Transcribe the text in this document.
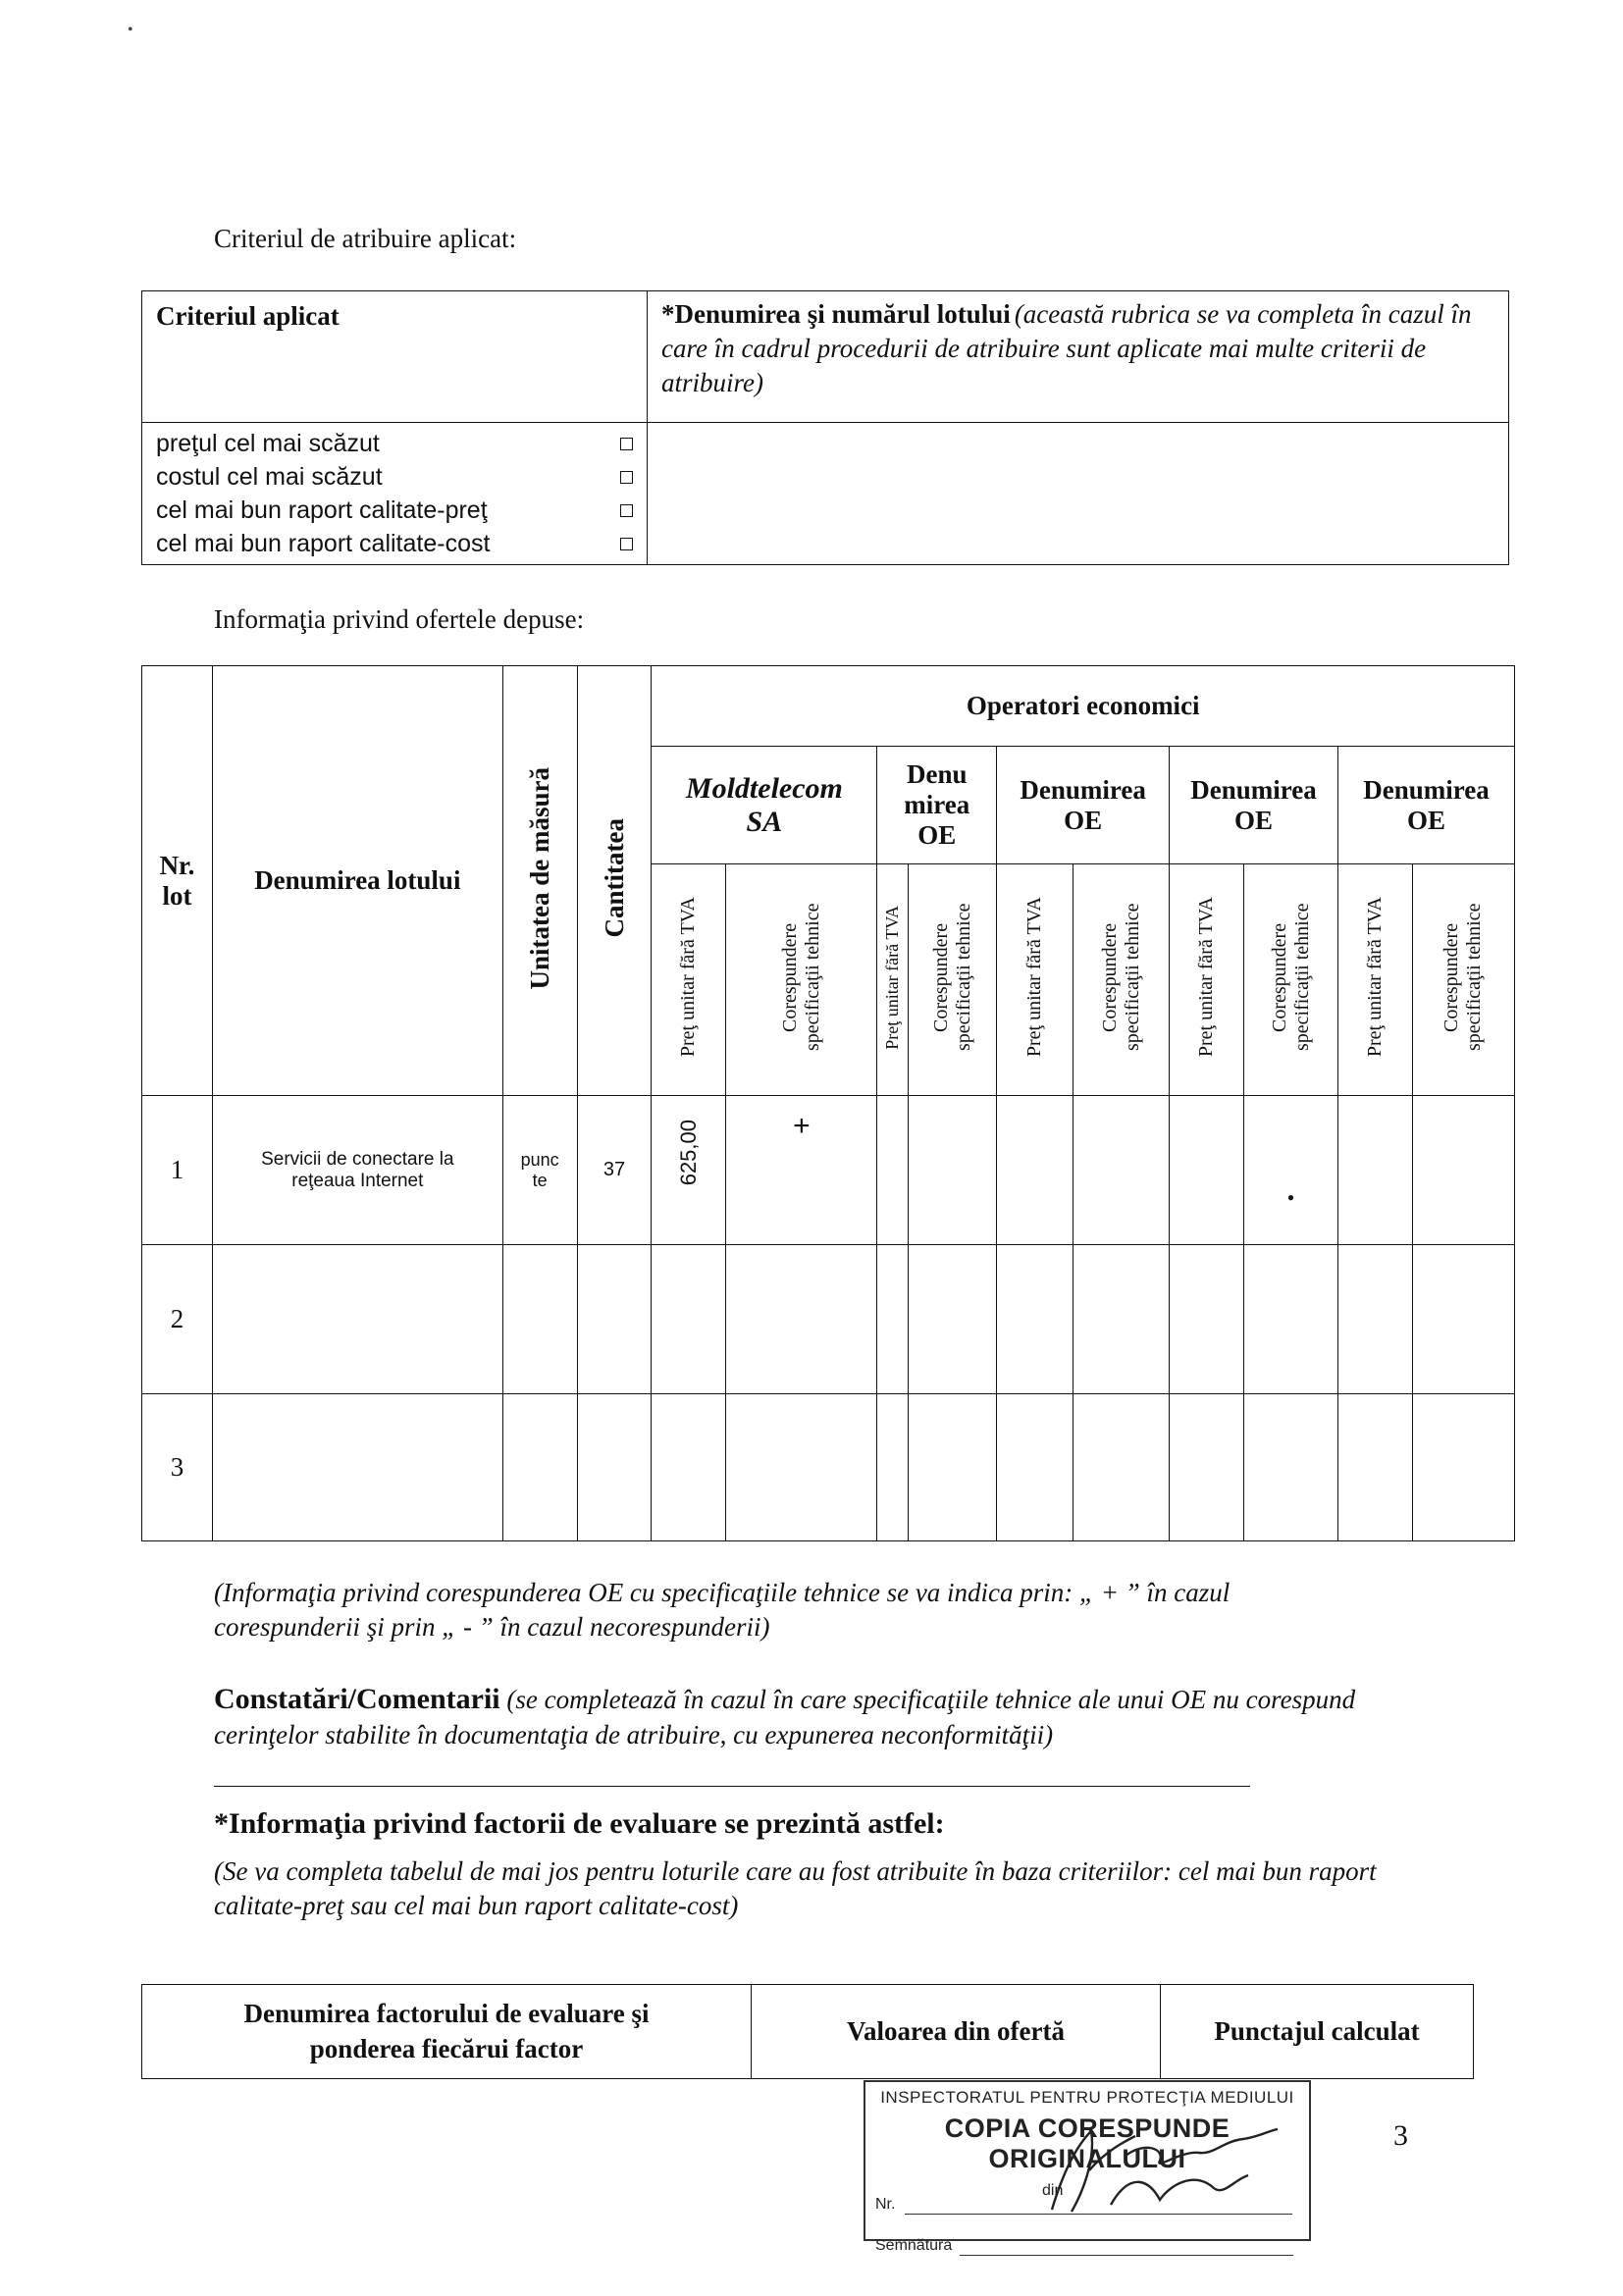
•
Criteriul de atribuire aplicat:
Criteriul aplicat	*Denumirea şi numărul lotului (această rubrica se va completa în cazul în care în cadrul procedurii de atribuire sunt aplicate mai multe criterii de atribuire)

preţul cel mai scăzut
costul cel mai scăzut
cel mai bun raport calitate-preţ
cel mai bun raport calitate-cost	

Informaţia privind ofertele depuse:
Nr. lot	Denumirea lotului	Unitatea de măsură	Cantitatea	Operatori economici									
				Moldtelecom SA		Denu mirea OE		Denumirea OE		Denumirea OE		Denumirea OE	
				Preţ unitar fără TVA	Corespundere specificaţii tehnice	Preţ unitar fără TVA	Corespundere specificaţii tehnice	Preţ unitar fără TVA	Corespundere specificaţii tehnice	Preţ unitar fără TVA	Corespundere specificaţii tehnice	Preţ unitar fără TVA	Corespundere specificaţii tehnice
1	Servicii de conectare la reţeaua Internet	punc te	37	625,00	+						•		
2													
3													
(Informaţia privind corespunderea OE cu specificaţiile tehnice se va indica prin: „ + ” în cazul corespunderii şi prin „ - ” în cazul necorespunderii)
Constatări/Comentarii (se completează în cazul în care specificaţiile tehnice ale unui OE nu corespund cerinţelor stabilite în documentaţia de atribuire, cu expunerea neconformităţii)
*Informaţia privind factorii de evaluare se prezintă astfel:
(Se va completa tabelul de mai jos pentru loturile care au fost atribuite în baza criteriilor: cel mai bun raport calitate-preţ sau cel mai bun raport calitate-cost)
Denumirea factorului de evaluare şi ponderea fiecărui factor	Valoarea din ofertă	Punctajul calculat
INSPECTORATUL PENTRU PROTECŢIA MEDIULUI
COPIA CORESPUNDE ORIGINALULUI
Nr.
din
Semnătura
3
